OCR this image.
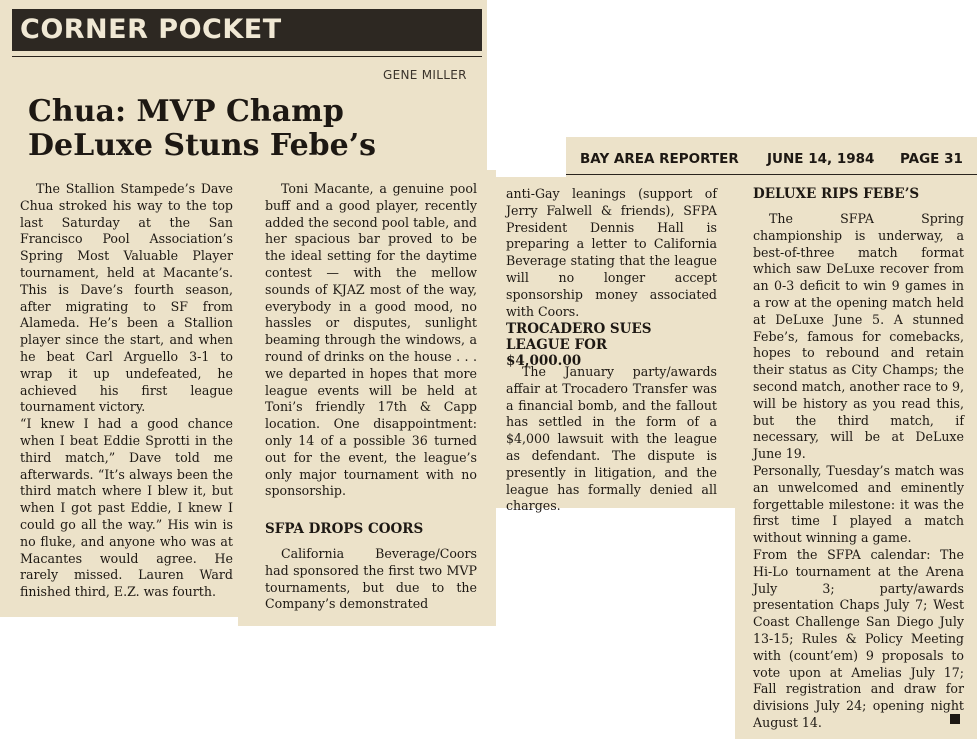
CORNER POCKET
GENE MILLER
Chua: MVP Champ
DeLuxe Stuns Febe’s

The Stallion Stampede’s Dave Chua stroked his way to the top last Saturday at the San Francisco Pool Association’s Spring Most Valuable Player tournament, held at Macante’s. This is Dave’s fourth season, after migrating to SF from Alameda. He’s been a Stallion player since the start, and when he beat Carl Arguello 3-1 to wrap it up undefeated, he achieved his first league tournament victory.
“I knew I had a good chance when I beat Eddie Sprotti in the third match,” Dave told me afterwards. “It’s always been the third match where I blew it, but when I got past Eddie, I knew I could go all the way.” His win is no fluke, and anyone who was at Macantes would agree. He rarely missed. Lauren Ward finished third, E.Z. was fourth.

Toni Macante, a genuine pool buff and a good player, recently added the second pool table, and her spacious bar proved to be the ideal setting for the daytime contest — with the mellow sounds of KJAZ most of the way, everybody in a good mood, no hassles or disputes, sunlight beaming through the windows, a round of drinks on the house . . . we departed in hopes that more league events will be held at Toni’s friendly 17th & Capp location. One disappointment: only 14 of a possible 36 turned out for the event, the league’s only major tournament with no sponsorship.

SFPA DROPS COORS

California Beverage/Coors had sponsored the first two MVP tournaments, but due to the Company’s demonstrated

BAY AREA REPORTER JUNE 14, 1984 PAGE 31

anti-Gay leanings (support of Jerry Falwell & friends), SFPA President Dennis Hall is preparing a letter to California Beverage stating that the league will no longer accept sponsorship money associated with Coors.

TROCADERO SUES LEAGUE FOR $4,000.00

The January party/awards affair at Trocadero Transfer was a financial bomb, and the fallout has settled in the form of a $4,000 lawsuit with the league as defendant. The dispute is presently in litigation, and the league has formally denied all charges.

DELUXE RIPS FEBE’S

The SFPA Spring championship is underway, a best-of-three match format which saw DeLuxe recover from an 0-3 deficit to win 9 games in a row at the opening match held at DeLuxe June 5. A stunned Febe’s, famous for comebacks, hopes to rebound and retain their status as City Champs; the second match, another race to 9, will be history as you read this, but the third match, if necessary, will be at DeLuxe June 19.
Personally, Tuesday’s match was an unwelcomed and eminently forgettable milestone: it was the first time I played a match without winning a game.
From the SFPA calendar: The Hi-Lo tournament at the Arena July 3; party/awards presentation Chaps July 7; West Coast Challenge San Diego July 13-15; Rules & Policy Meeting with (count’em) 9 proposals to vote upon at Amelias July 17; Fall registration and draw for divisions July 24; opening night August 14.
